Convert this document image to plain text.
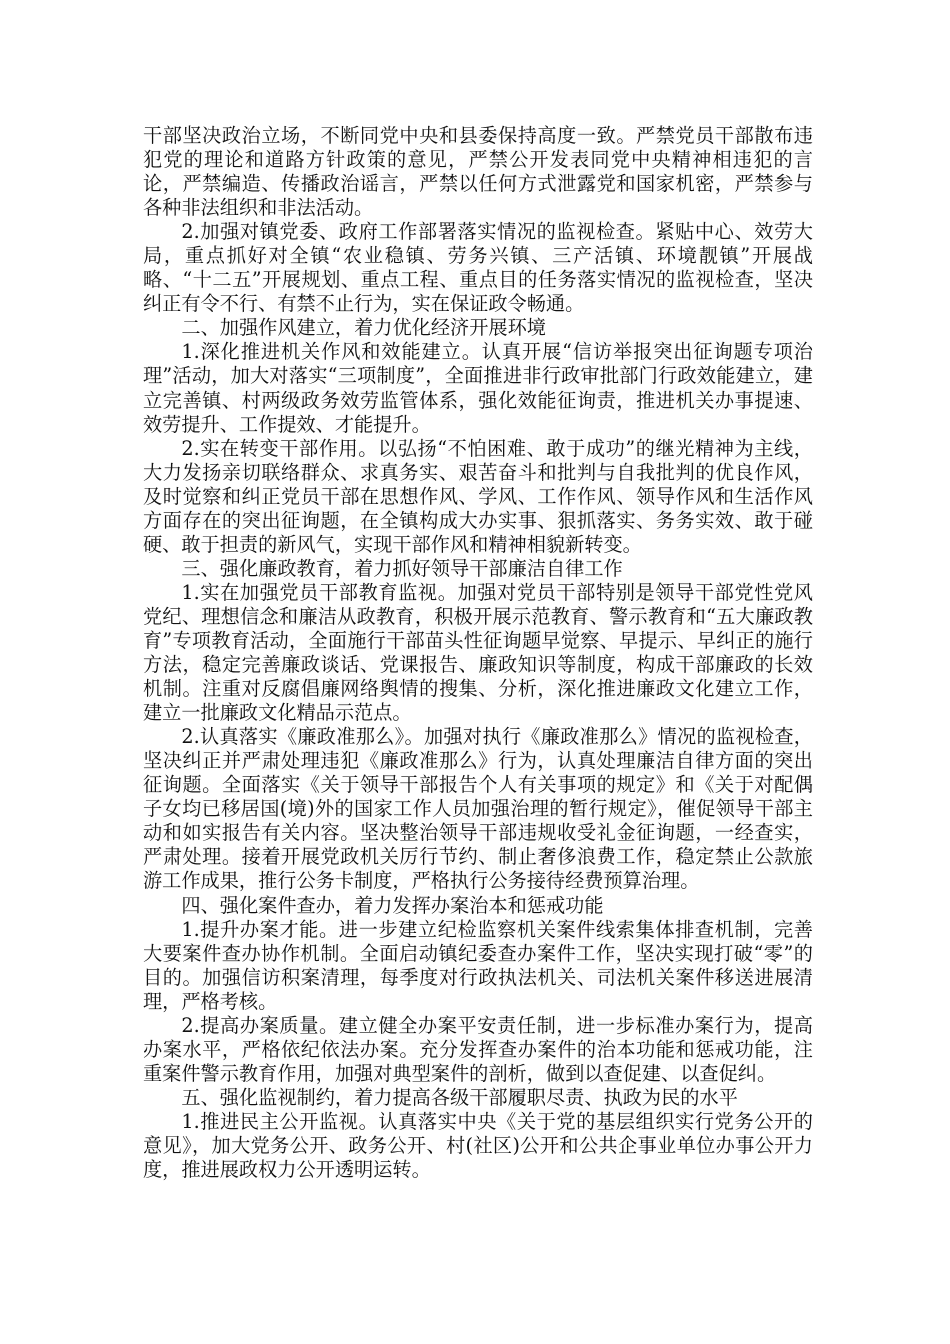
干部坚决政治立场，不断同党中央和县委保持高度一致。严禁党员干部散布违犯党的理论和道路方针政策的意见，严禁公开发表同党中央精神相违犯的言论，严禁编造、传播政治谣言，严禁以任何方式泄露党和国家机密，严禁参与各种非法组织和非法活动。

2.加强对镇党委、政府工作部署落实情况的监视检查。紧贴中心、效劳大局，重点抓好对全镇“农业稳镇、劳务兴镇、三产活镇、环境靓镇”开展战略、“十二五”开展规划、重点工程、重点目的任务落实情况的监视检查，坚决纠正有令不行、有禁不止行为，实在保证政令畅通。

二、加强作风建立，着力优化经济开展环境

1.深化推进机关作风和效能建立。认真开展“信访举报突出征询题专项治理”活动，加大对落实“三项制度”，全面推进非行政审批部门行政效能建立，建立完善镇、村两级政务效劳监管体系，强化效能征询责，推进机关办事提速、效劳提升、工作提效、才能提升。

2.实在转变干部作用。以弘扬“不怕困难、敢于成功”的继光精神为主线，大力发扬亲切联络群众、求真务实、艰苦奋斗和批判与自我批判的优良作风，及时觉察和纠正党员干部在思想作风、学风、工作作风、领导作风和生活作风方面存在的突出征询题，在全镇构成大办实事、狠抓落实、务务实效、敢于碰硬、敢于担责的新风气，实现干部作风和精神相貌新转变。

三、强化廉政教育，着力抓好领导干部廉洁自律工作

1.实在加强党员干部教育监视。加强对党员干部特别是领导干部党性党风党纪、理想信念和廉洁从政教育，积极开展示范教育、警示教育和“五大廉政教育”专项教育活动，全面施行干部苗头性征询题早觉察、早提示、早纠正的施行方法，稳定完善廉政谈话、党课报告、廉政知识等制度，构成干部廉政的长效机制。注重对反腐倡廉网络舆情的搜集、分析，深化推进廉政文化建立工作，建立一批廉政文化精品示范点。

2.认真落实《廉政准那么》。加强对执行《廉政准那么》情况的监视检查，坚决纠正并严肃处理违犯《廉政准那么》行为，认真处理廉洁自律方面的突出征询题。全面落实《关于领导干部报告个人有关事项的规定》和《关于对配偶子女均已移居国(境)外的国家工作人员加强治理的暂行规定》，催促领导干部主动和如实报告有关内容。坚决整治领导干部违规收受礼金征询题，一经查实，严肃处理。接着开展党政机关厉行节约、制止奢侈浪费工作，稳定禁止公款旅游工作成果，推行公务卡制度，严格执行公务接待经费预算治理。

四、强化案件查办，着力发挥办案治本和惩戒功能

1.提升办案才能。进一步建立纪检监察机关案件线索集体排查机制，完善大要案件查办协作机制。全面启动镇纪委查办案件工作，坚决实现打破“零”的目的。加强信访积案清理，每季度对行政执法机关、司法机关案件移送进展清理，严格考核。

2.提高办案质量。建立健全办案平安责任制，进一步标准办案行为，提高办案水平，严格依纪依法办案。充分发挥查办案件的治本功能和惩戒功能，注重案件警示教育作用，加强对典型案件的剖析，做到以查促建、以查促纠。

五、强化监视制约，着力提高各级干部履职尽责、执政为民的水平

1.推进民主公开监视。认真落实中央《关于党的基层组织实行党务公开的意见》，加大党务公开、政务公开、村(社区)公开和公共企事业单位办事公开力度，推进展政权力公开透明运转。
